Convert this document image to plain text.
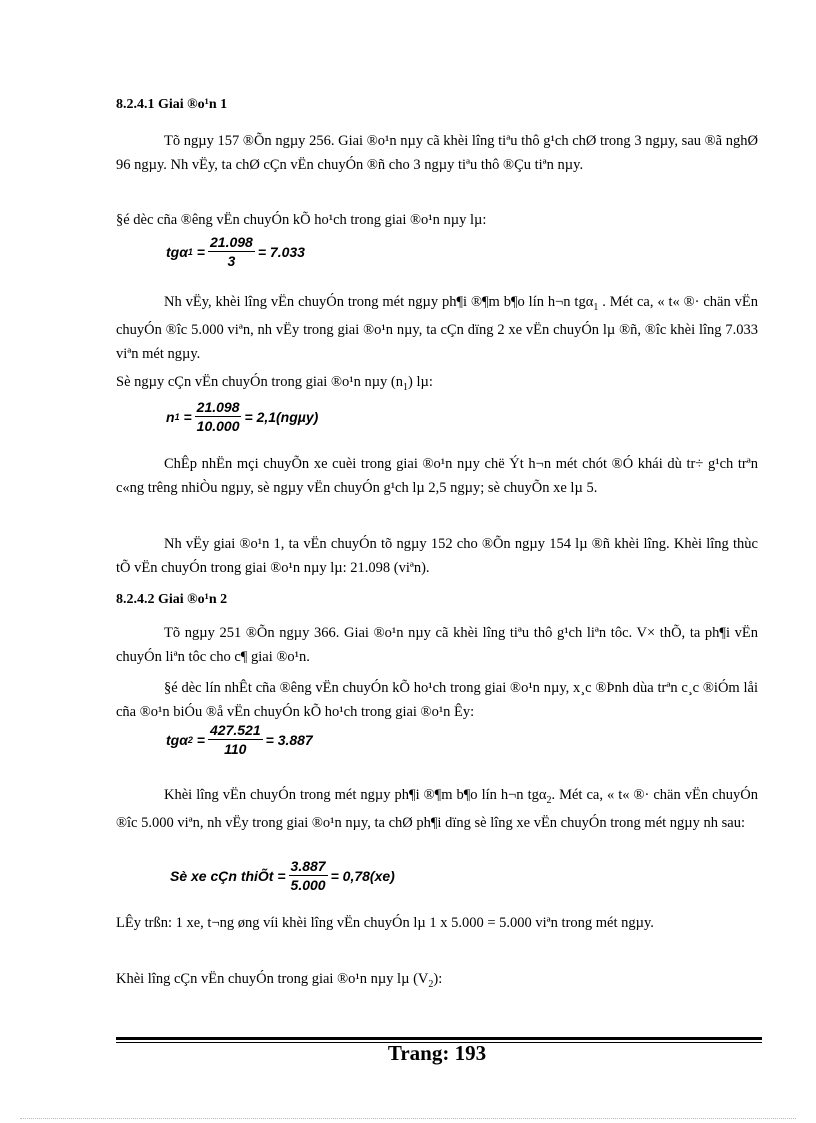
8.2.4.1 Giai ®o¹n 1
Tõ ngµy 157 ®Õn ngµy 256. Giai ®o¹n nµy cã khèi lîng tiªu thô g¹ch chØ trong 3 ngµy, sau ®ã nghØ 96 ngµy. Nh vËy, ta chØ cÇn vËn chuyÓn ®ñ cho 3 ngµy tiªu thô ®Çu tiªn nµy.
§é dèc cña ®êng vËn chuyÓn kÕ ho¹ch trong giai ®o¹n nµy lµ:
tgα $1 = \frac{21.098}{3} = 7.033$
Nh vËy, khèi lîng vËn chuyÓn trong mét ngµy ph¶i ®¶m b¶o lín h¬n tgα$_1$ . Mét ca, « t« ®· chän vËn chuyÓn ®îc 5.000 viªn, nh vËy trong giai ®o¹n nµy, ta cÇn dïng 2 xe vËn chuyÓn lµ ®ñ, ®îc khèi lîng 7.033 viªn mét ngµy.
Sè ngµy cÇn vËn chuyÓn trong giai ®o¹n nµy $(n_1)$ lµ:
n $1 = \frac{21.098}{10.000} = 2,1(ng\mu y)$
ChÊp nhËn mçi chuyÕn xe cuèi trong giai ®o¹n nµy chë Ýt h¬n mét chót ®Ó khái dù tr÷ g¹ch trªn c«ng trêng nhiÒu ngµy, sè ngµy vËn chuyÓn g¹ch lµ 2,5 ngµy; sè chuyÕn xe lµ 5.
Nh vËy giai ®o¹n 1, ta vËn chuyÓn tõ ngµy 152 cho ®Õn ngµy 154 lµ ®ñ khèi lîng. Khèi lîng thùc tÕ vËn chuyÓn trong giai ®o¹n nµy lµ: 21.098 (viªn).
8.2.4.2 Giai ®o¹n 2
Tõ ngµy 251 ®Õn ngµy 366. Giai ®o¹n nµy cã khèi lîng tiªu thô g¹ch liªn tôc. V× thÕ, ta ph¶i vËn chuyÓn liªn tôc cho c¶ giai ®o¹n.
§é dèc lín nhÊt cña ®êng vËn chuyÓn kÕ ho¹ch trong giai ®o¹n nµy, x¸c ®Þnh dùa trªn c¸c ®iÓm låi cña ®o¹n biÓu ®å vËn chuyÓn kÕ ho¹ch trong giai ®o¹n Êy:
tgα $2 = \frac{427.521}{110} = 3.887$
Khèi lîng vËn chuyÓn trong mét ngµy ph¶i ®¶m b¶o lín h¬n tgα$_2$. Mét ca, « t« ®· chän vËn chuyÓn ®îc 5.000 viªn, nh vËy trong giai ®o¹n nµy, ta chØ ph¶i dïng sè lîng xe vËn chuyÓn trong mét ngµy nh sau:
Sè xe cÇn thiÕt = $\frac{3.887}{5.000} = 0,78(xe)$
LÊy trßn: 1 xe, t¬ng øng víi khèi lîng vËn chuyÓn lµ 1 x 5.000 = 5.000 viªn trong mét ngµy.
Khèi lîng cÇn vËn chuyÓn trong giai ®o¹n nµy lµ $(V_2)$:
Trang: 193
